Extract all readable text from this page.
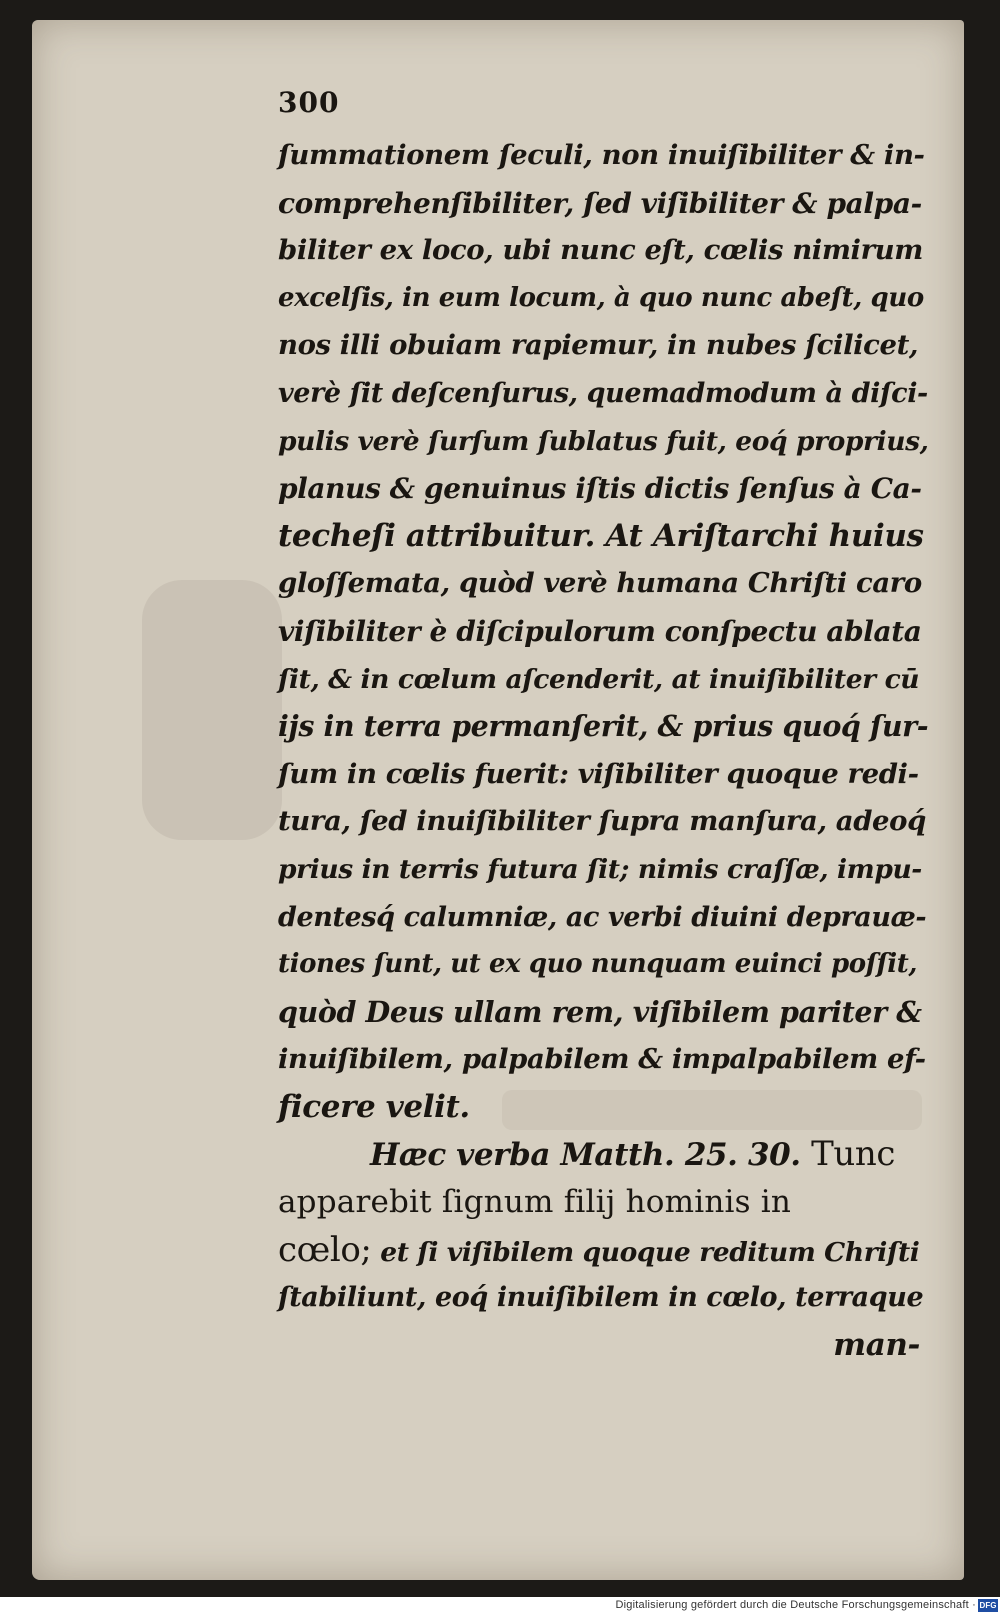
300
ſummationem ſeculi, non inuiſibiliter & in-
comprehenſibiliter, ſed viſibiliter & palpa-
biliter ex loco, ubi nunc eſt, cœlis nimirum
excelſis, in eum locum, à quo nunc abeſt, quo
nos illi obuiam rapiemur, in nubes ſcilicet,
verè ſit deſcenſurus, quemadmodum à diſci-
pulis verè ſurſum ſublatus fuit, eoq́ proprius,
planus & genuinus iſtis dictis ſenſus à Ca-
techeſi attribuitur. At Ariſtarchi huius
gloſſemata, quòd verè humana Chriſti caro
viſibiliter è diſcipulorum conſpectu ablata
ſit, & in cœlum aſcenderit, at inuiſibiliter cū
ijs in terra permanſerit, & prius quoq́ ſur-
ſum in cœlis fuerit: viſibiliter quoque redi-
tura, ſed inuiſibiliter ſupra manſura, adeoq́
prius in terris futura ſit; nimis craſſæ, impu-
dentesq́ calumniæ, ac verbi diuini deprauæ-
tiones ſunt, ut ex quo nunquam euinci poſſit,
quòd Deus ullam rem, viſibilem pariter &
inuiſibilem, palpabilem & impalpabilem ef-
ficere velit.
Hæc verba Matth. 25. 30. Tunc
apparebit ſignum filij hominis in
cœlo; et ſi viſibilem quoque reditum Chriſti
ſtabiliunt, eoq́ inuiſibilem in cœlo, terraque
man-
Digitalisierung gefördert durch die Deutsche Forschungsgemeinschaft · DFG
